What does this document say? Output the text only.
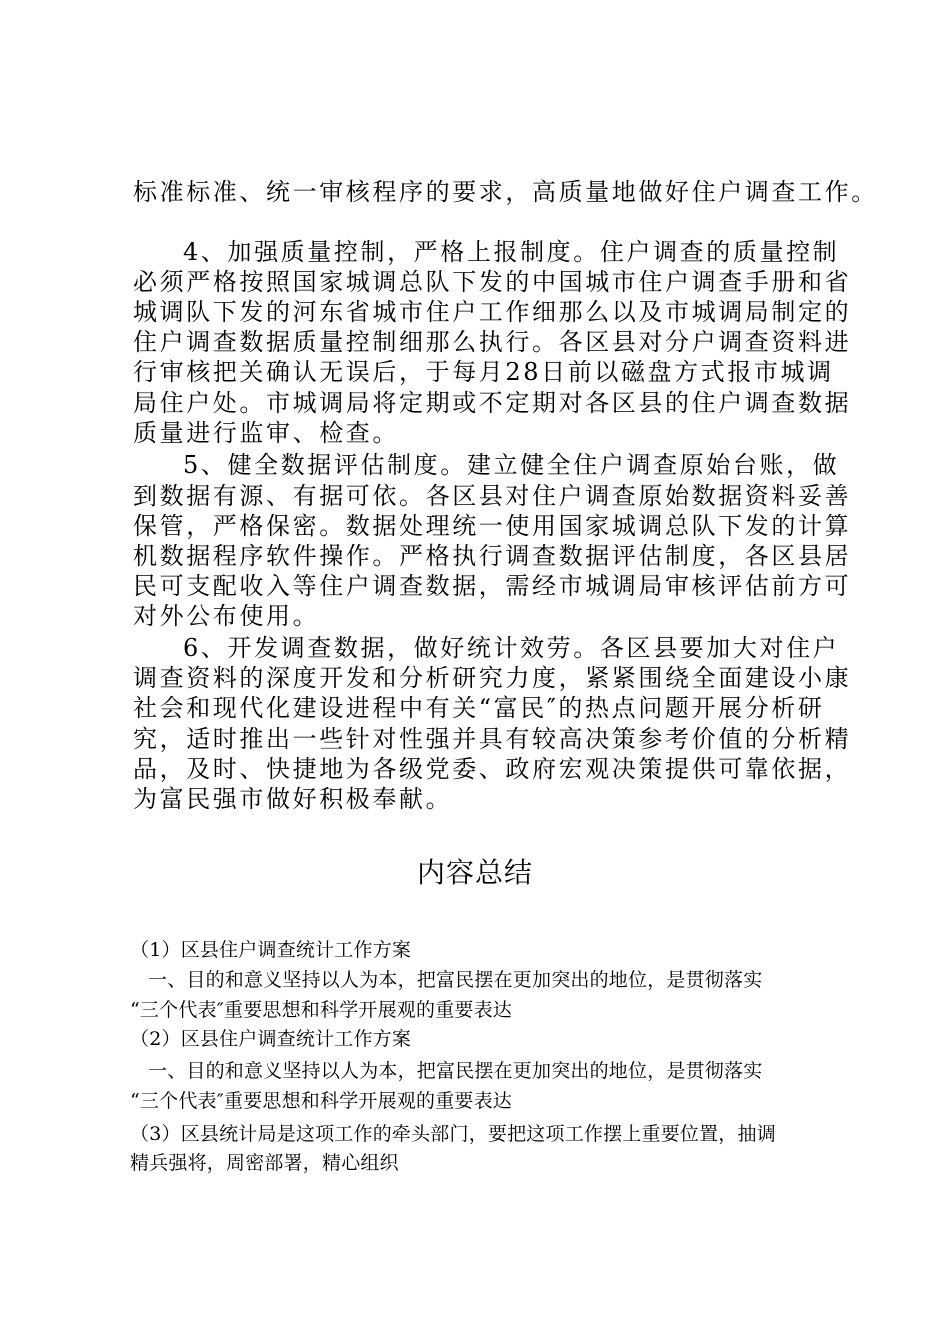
标准标准、统一审核程序的要求，高质量地做好住户调查工作。
4、加强质量控制，严格上报制度。住户调查的质量控制
必须严格按照国家城调总队下发的中国城市住户调查手册和省
城调队下发的河东省城市住户工作细那么以及市城调局制定的
住户调查数据质量控制细那么执行。各区县对分户调查资料进
行审核把关确认无误后，于每月28日前以磁盘方式报市城调
局住户处。市城调局将定期或不定期对各区县的住户调查数据
质量进行监审、检查。
5、健全数据评估制度。建立健全住户调查原始台账，做
到数据有源、有据可依。各区县对住户调查原始数据资料妥善
保管，严格保密。数据处理统一使用国家城调总队下发的计算
机数据程序软件操作。严格执行调查数据评估制度，各区县居
民可支配收入等住户调查数据，需经市城调局审核评估前方可
对外公布使用。
6、开发调查数据，做好统计效劳。各区县要加大对住户
调查资料的深度开发和分析研究力度，紧紧围绕全面建设小康
社会和现代化建设进程中有关“富民″的热点问题开展分析研
究，适时推出一些针对性强并具有较高决策参考价值的分析精
品，及时、快捷地为各级党委、政府宏观决策提供可靠依据，
为富民强市做好积极奉献。
内容总结
（1）区县住户调查统计工作方案
一、目的和意义坚持以人为本，把富民摆在更加突出的地位，是贯彻落实
“三个代表″重要思想和科学开展观的重要表达
（2）区县住户调查统计工作方案
一、目的和意义坚持以人为本，把富民摆在更加突出的地位，是贯彻落实
“三个代表″重要思想和科学开展观的重要表达
（3）区县统计局是这项工作的牵头部门，要把这项工作摆上重要位置，抽调
精兵强将，周密部署，精心组织
